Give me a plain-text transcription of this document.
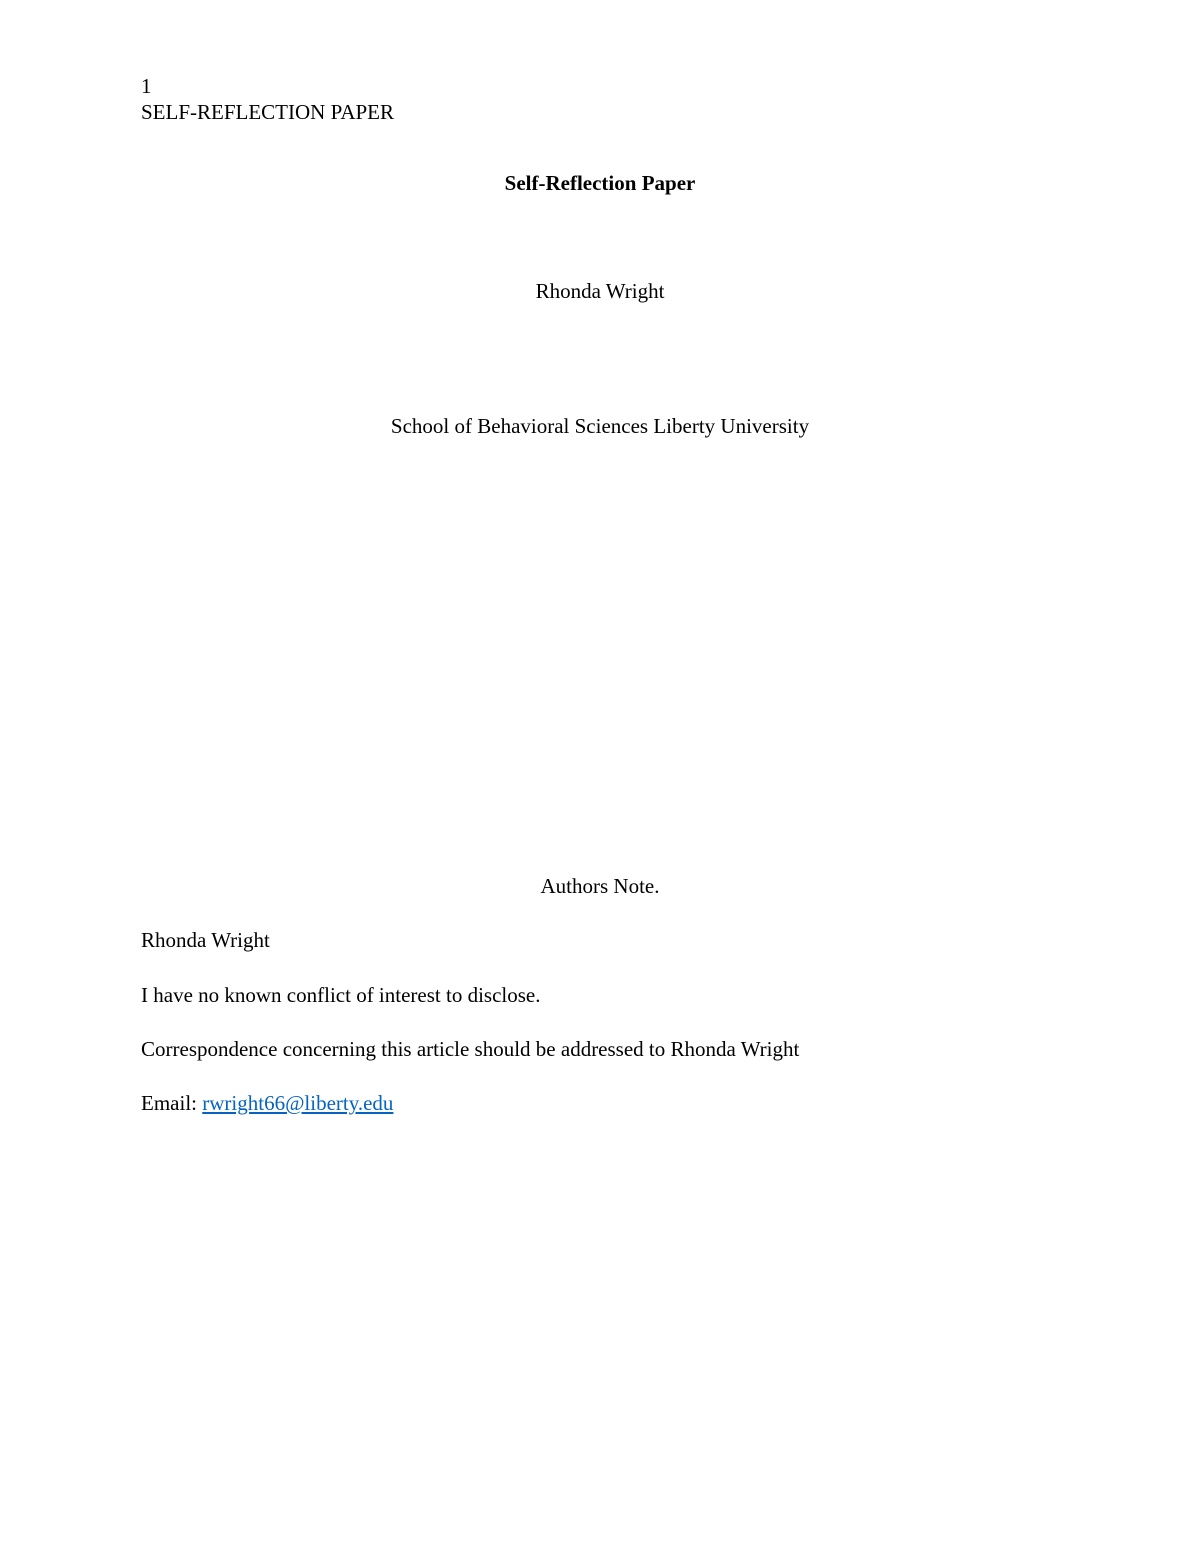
1
SELF-REFLECTION PAPER
Self-Reflection Paper
Rhonda Wright
School of Behavioral Sciences Liberty University
Authors Note.
Rhonda Wright
I have no known conflict of interest to disclose.
Correspondence concerning this article should be addressed to Rhonda Wright
Email: rwright66@liberty.edu
